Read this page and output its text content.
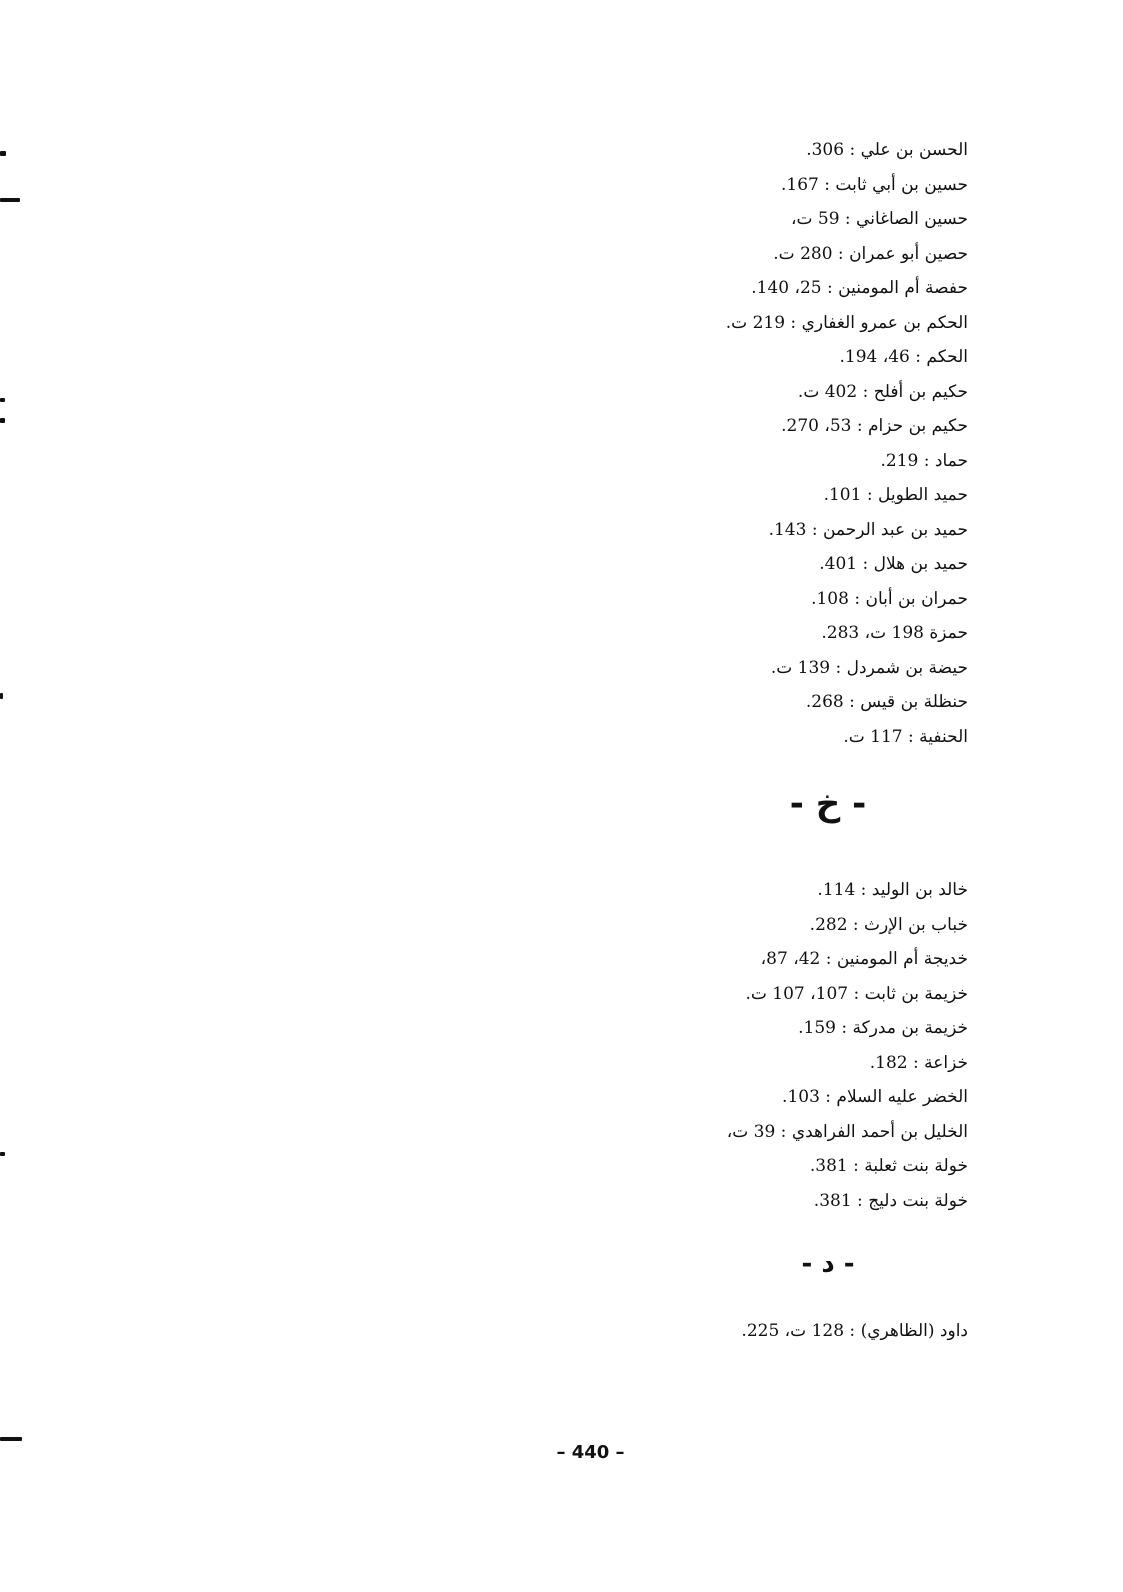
الحسن بن علي : 306.
حسين بن أبي ثابت : 167.
حسين الصاغاني : 59 ت،
حصين أبو عمران : 280 ت.
حفصة أم المومنين : 25، 140.
الحكم بن عمرو الغفاري : 219 ت.
الحكم : 46، 194.
حكيم بن أفلح : 402 ت.
حكيم بن حزام : 53، 270.
حماد : 219.
حميد الطويل : 101.
حميد بن عبد الرحمن : 143.
حميد بن هلال : 401.
حمران بن أبان : 108.
حمزة 198 ت، 283.
حيضة بن شمردل : 139 ت.
حنظلة بن قيس : 268.
الحنفية : 117 ت.
- خ -
خالد بن الوليد : 114.
خباب بن الإرث : 282.
خديجة أم المومنين : 42، 87،
خزيمة بن ثابت : 107، 107 ت.
خزيمة بن مدركة : 159.
خزاعة : 182.
الخضر عليه السلام : 103.
الخليل بن أحمد الفراهدي : 39 ت،
خولة بنت ثعلبة : 381.
خولة بنت دليج : 381.
- د -
داود (الظاهري) : 128 ت، 225.
– 440 –
